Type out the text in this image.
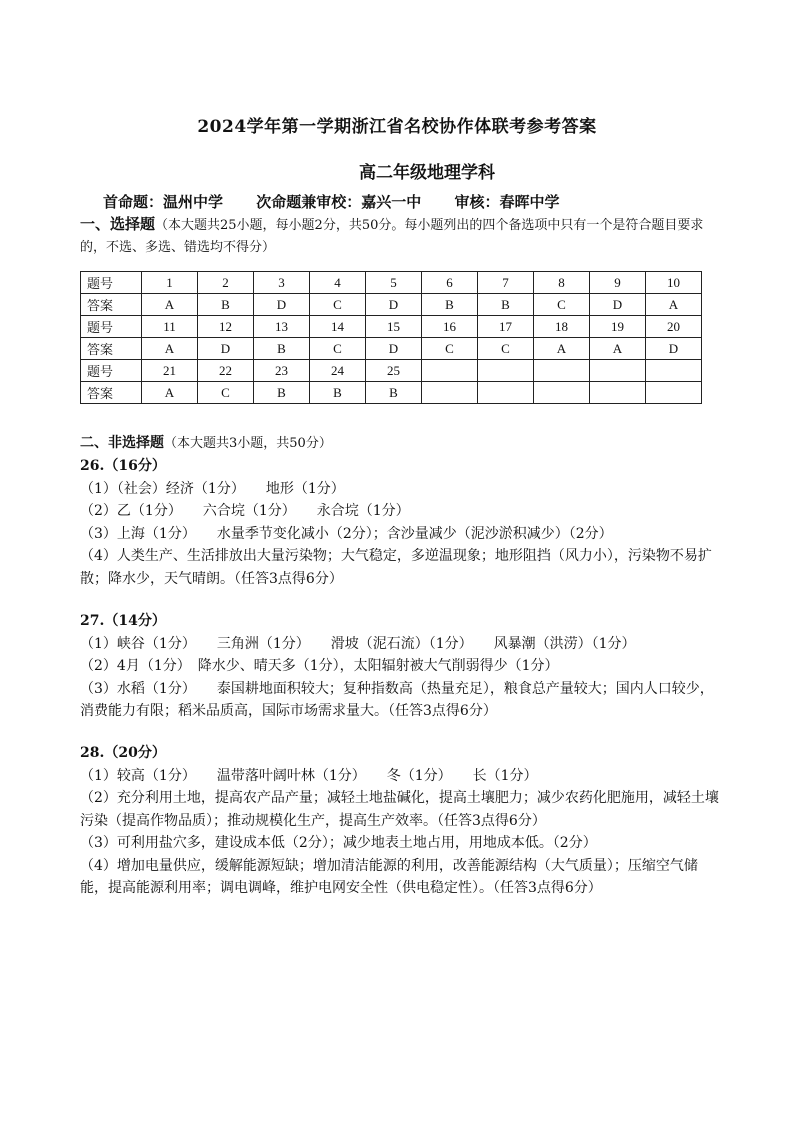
2024学年第一学期浙江省名校协作体联考参考答案
高二年级地理学科
首命题：温州中学 次命题兼审校：嘉兴一中 审核：春晖中学
一、选择题（本大题共25小题，每小题2分，共50分。每小题列出的四个备选项中只有一个是符合题目要求的，不选、多选、错选均不得分）
题号	1	2	3	4	5	6	7	8	9	10
答案	A	B	D	C	D	B	B	C	D	A
题号	11	12	13	14	15	16	17	18	19	20
答案	A	D	B	C	D	C	C	A	A	D
题号	21	22	23	24	25					
答案	A	C	B	B	B					
二、非选择题（本大题共3小题，共50分）

26.（16分）

（1）（社会）经济（1分）　　地形（1分）

（2）乙（1分）　　六合垸（1分）　　永合垸（1分）

（3）上海（1分）　　水量季节变化减小（2分）；含沙量减少（泥沙淤积减少）（2分）

（4）人类生产、生活排放出大量污染物；大气稳定，多逆温现象；地形阻挡（风力小），污染物不易扩散；降水少，天气晴朗。（任答3点得6分）

27.（14分）

（1）峡谷（1分）　　三角洲（1分）　　滑坡（泥石流）（1分）　　风暴潮（洪涝）（1分）

（2）4月（1分）　降水少、晴天多（1分），太阳辐射被大气削弱得少（1分）

（3）水稻（1分）　　泰国耕地面积较大；复种指数高（热量充足），粮食总产量较大；国内人口较少，消费能力有限；稻米品质高，国际市场需求量大。（任答3点得6分）

28.（20分）

（1）较高（1分）　　温带落叶阔叶林（1分）　　冬（1分）　　长（1分）

（2）充分利用土地，提高农产品产量；减轻土地盐碱化，提高土壤肥力；减少农药化肥施用，减轻土壤污染（提高作物品质）；推动规模化生产，提高生产效率。（任答3点得6分）

（3）可利用盐穴多，建设成本低（2分）；减少地表土地占用，用地成本低。（2分）

（4）增加电量供应，缓解能源短缺；增加清洁能源的利用，改善能源结构（大气质量）；压缩空气储能，提高能源利用率；调电调峰，维护电网安全性（供电稳定性）。（任答3点得6分）
